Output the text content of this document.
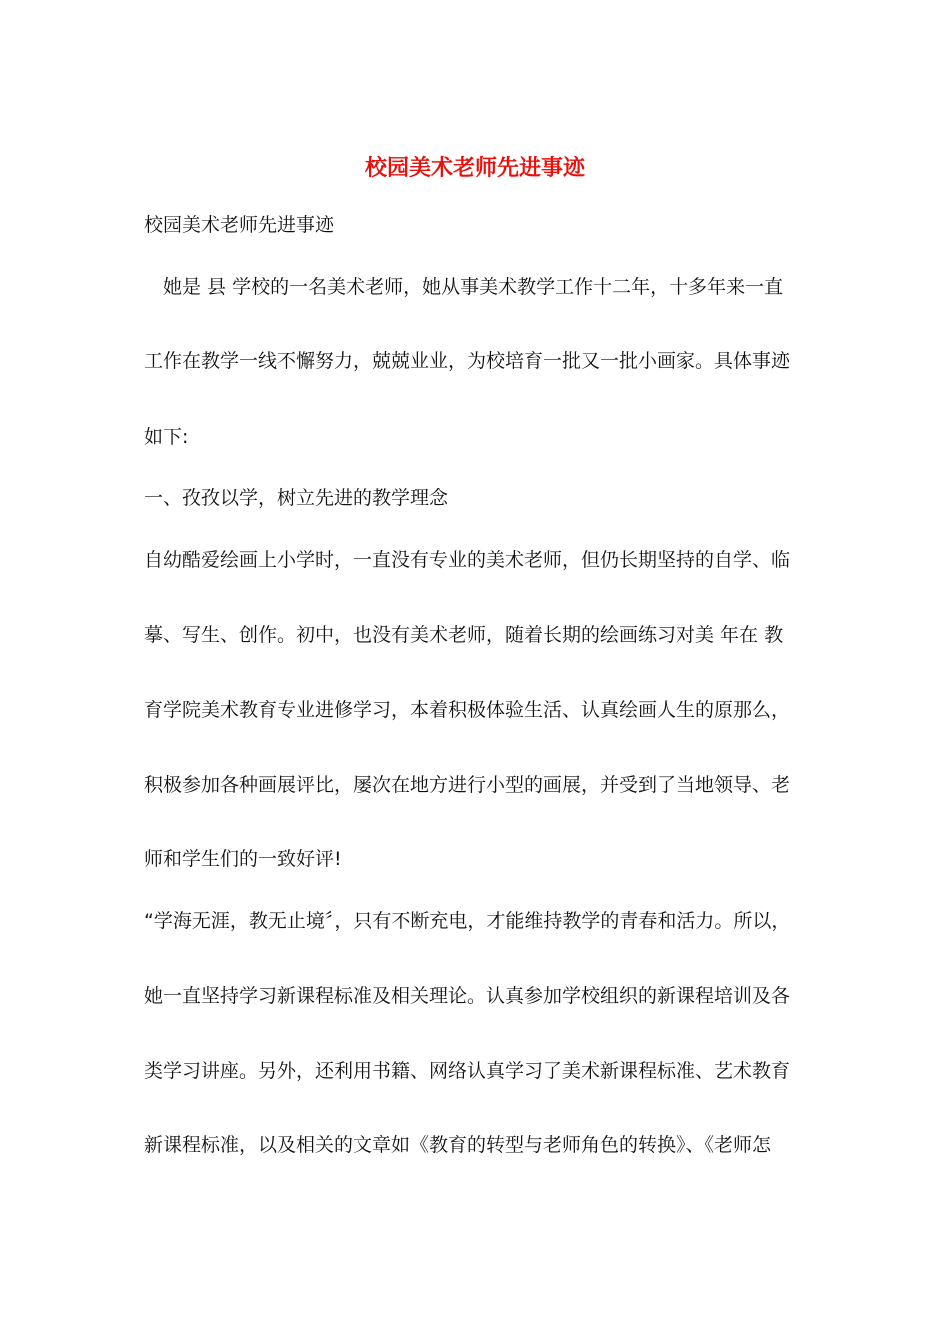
校园美术老师先进事迹

校园美术老师先进事迹

　她是 县 学校的一名美术老师，她从事美术教学工作十二年，十多年来一直

工作在教学一线不懈努力，兢兢业业，为校培育一批又一批小画家。具体事迹

如下:

一、孜孜以学，树立先进的教学理念

自幼酷爱绘画上小学时，一直没有专业的美术老师，但仍长期坚持的自学、临

摹、写生、创作。初中，也没有美术老师，随着长期的绘画练习对美 年在 教

育学院美术教育专业进修学习，本着积极体验生活、认真绘画人生的原那么，

积极参加各种画展评比，屡次在地方进行小型的画展，并受到了当地领导、老

师和学生们的一致好评!

“学海无涯，教无止境〞，只有不断充电，才能维持教学的青春和活力。所以，

她一直坚持学习新课程标准及相关理论。认真参加学校组织的新课程培训及各

类学习讲座。另外，还利用书籍、网络认真学习了美术新课程标准、艺术教育

新课程标准，以及相关的文章如《教育的转型与老师角色的转换》、《老师怎
